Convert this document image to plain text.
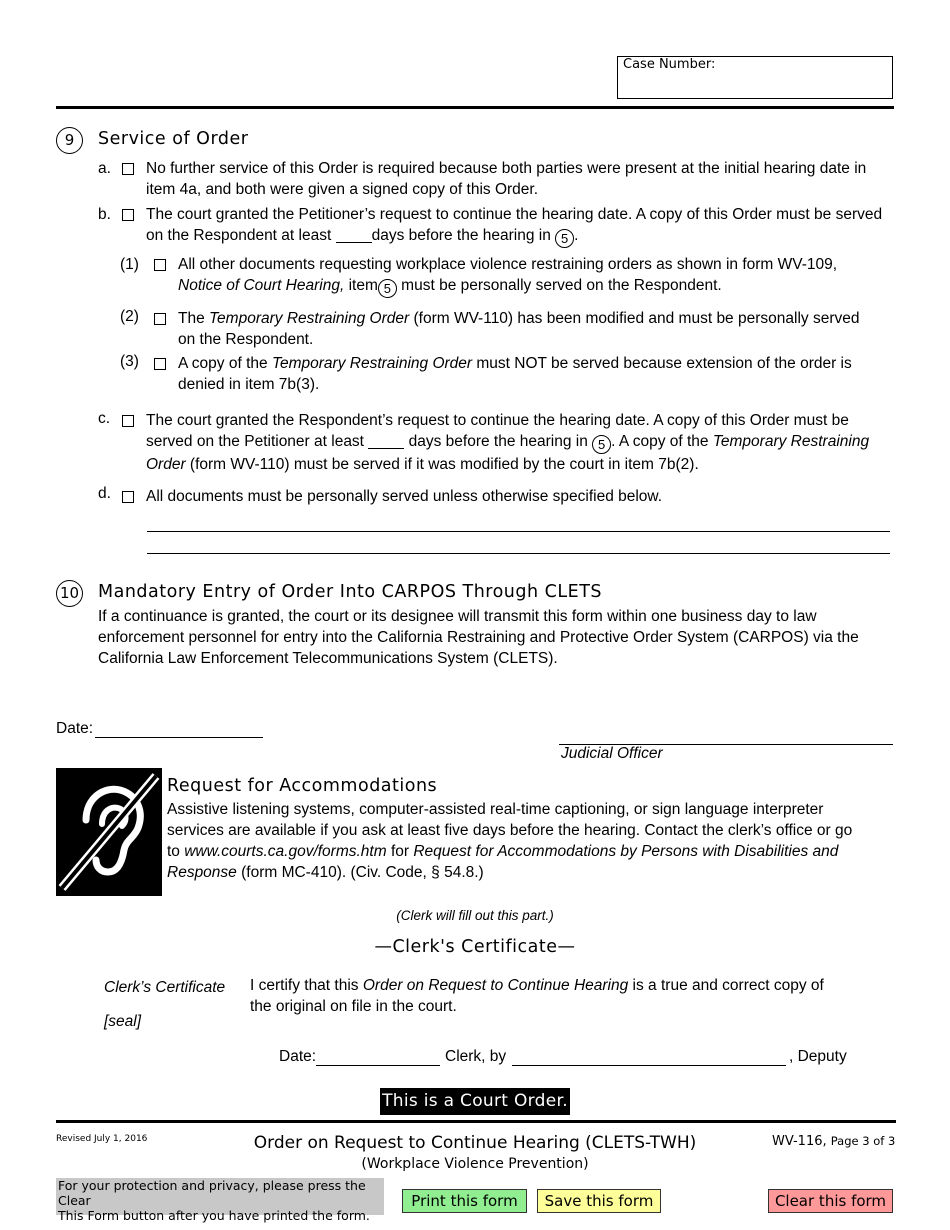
Case Number:
9	Service of Order
a. No further service of this Order is required because both parties were present at the initial hearing date in
item 4a, and both were given a signed copy of this Order.
b. The court granted the Petitioner’s request to continue the hearing date. A copy of this Order must be served
on the Respondent at least	days before the hearing in 5 .
(1)	All other documents requesting workplace violence restraining orders as shown in form WV-109,
Notice of Court Hearing, item 5 must be personally served on the Respondent.
(2)	The Temporary Restraining Order (form WV-110) has been modified and must be personally served
on the Respondent.
(3)	A copy of the Temporary Restraining Order must NOT be served because extension of the order is
denied in item 7b(3).
c. The court granted the Respondent’s request to continue the hearing date. A copy of this Order must be
served on the Petitioner at least	days before the hearing in 5 . A copy of the Temporary Restraining
Order (form WV-110) must be served if it was modified by the court in item 7b(2).
d. All documents must be personally served unless otherwise specified below.
10 Mandatory Entry of Order Into CARPOS Through CLETS
If a continuance is granted, the court or its designee will transmit this form within one business day to law
enforcement personnel for entry into the California Restraining and Protective Order System (CARPOS) via the
California Law Enforcement Telecommunications System (CLETS).
Date:
Judicial Officer
Request for Accommodations
Assistive listening systems, computer-assisted real-time captioning, or sign language interpreter
services are available if you ask at least five days before the hearing. Contact the clerk’s office or go
to www.courts.ca.gov/forms.htm for Request for Accommodations by Persons with Disabilities and
Response (form MC-410). (Civ. Code, § 54.8.)
(Clerk will fill out this part.)
—Clerk's Certificate—
Clerk’s Certificate
[seal]
I certify that this Order on Request to Continue Hearing is a true and correct copy of
the original on file in the court.
Date:	Clerk, by	, Deputy
This is a Court Order.
Revised July 1, 2016	Order on Request to Continue Hearing (CLETS-TWH)
(Workplace Violence Prevention)
WV-116, Page 3 of 3
For your protection and privacy, please press the Clear
This Form button after you have printed the form.
Print this form	Save this form	Clear this form
